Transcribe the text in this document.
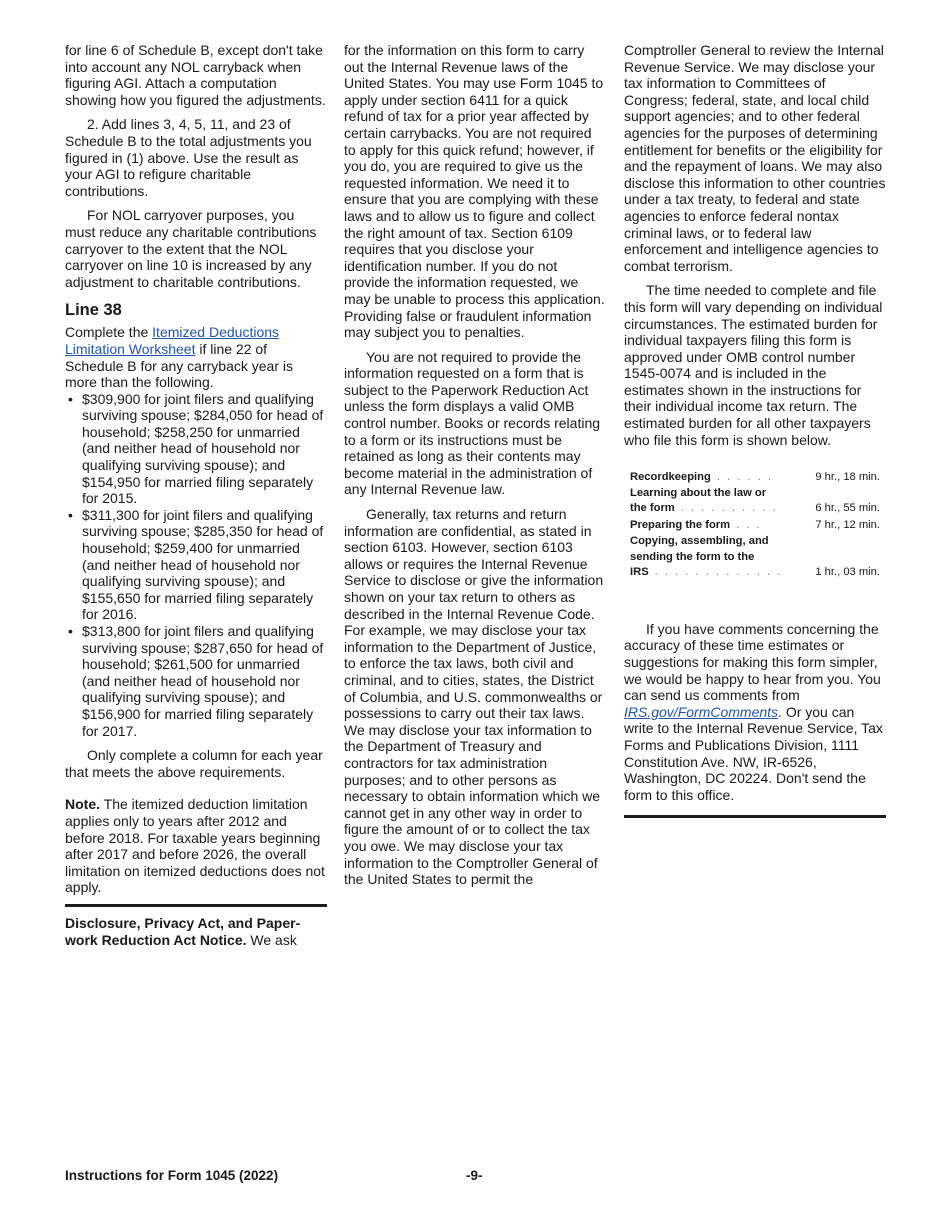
for line 6 of Schedule B, except don't take into account any NOL carryback when figuring AGI. Attach a computation showing how you figured the adjustments.

2. Add lines 3, 4, 5, 11, and 23 of Schedule B to the total adjustments you figured in (1) above. Use the result as your AGI to refigure charitable contributions.

For NOL carryover purposes, you must reduce any charitable contributions carryover to the extent that the NOL carryover on line 10 is increased by any adjustment to charitable contributions.

Line 38

Complete the Itemized Deductions Limitation Worksheet if line 22 of Schedule B for any carryback year is more than the following.

• $309,900 for joint filers and qualifying surviving spouse; $284,050 for head of household; $258,250 for unmarried (and neither head of household nor qualifying surviving spouse); and $154,950 for married filing separately for 2015.
• $311,300 for joint filers and qualifying surviving spouse; $285,350 for head of household; $259,400 for unmarried (and neither head of household nor qualifying surviving spouse); and $155,650 for married filing separately for 2016.
• $313,800 for joint filers and qualifying surviving spouse; $287,650 for head of household; $261,500 for unmarried (and neither head of household nor qualifying surviving spouse); and $156,900 for married filing separately for 2017.

Only complete a column for each year that meets the above requirements.

Note. The itemized deduction limitation applies only to years after 2012 and before 2018. For taxable years beginning after 2017 and before 2026, the overall limitation on itemized deductions does not apply.

Disclosure, Privacy Act, and Paper-work Reduction Act Notice. We ask

for the information on this form to carry out the Internal Revenue laws of the United States. You may use Form 1045 to apply under section 6411 for a quick refund of tax for a prior year affected by certain carrybacks. You are not required to apply for this quick refund; however, if you do, you are required to give us the requested information. We need it to ensure that you are complying with these laws and to allow us to figure and collect the right amount of tax. Section 6109 requires that you disclose your identification number. If you do not provide the information requested, we may be unable to process this application. Providing false or fraudulent information may subject you to penalties.

You are not required to provide the information requested on a form that is subject to the Paperwork Reduction Act unless the form displays a valid OMB control number. Books or records relating to a form or its instructions must be retained as long as their contents may become material in the administration of any Internal Revenue law.

Generally, tax returns and return information are confidential, as stated in section 6103. However, section 6103 allows or requires the Internal Revenue Service to disclose or give the information shown on your tax return to others as described in the Internal Revenue Code. For example, we may disclose your tax information to the Department of Justice, to enforce the tax laws, both civil and criminal, and to cities, states, the District of Columbia, and U.S. commonwealths or possessions to carry out their tax laws. We may disclose your tax information to the Department of Treasury and contractors for tax administration purposes; and to other persons as necessary to obtain information which we cannot get in any other way in order to figure the amount of or to collect the tax you owe. We may disclose your tax information to the Comptroller General of the United States to permit the

Comptroller General to review the Internal Revenue Service. We may disclose your tax information to Committees of Congress; federal, state, and local child support agencies; and to other federal agencies for the purposes of determining entitlement for benefits or the eligibility for and the repayment of loans. We may also disclose this information to other countries under a tax treaty, to federal and state agencies to enforce federal nontax criminal laws, or to federal law enforcement and intelligence agencies to combat terrorism.

The time needed to complete and file this form will vary depending on individual circumstances. The estimated burden for individual taxpayers filing this form is approved under OMB control number 1545-0074 and is included in the estimates shown in the instructions for their individual income tax return. The estimated burden for all other taxpayers who file this form is shown below.

Recordkeeping . . . . . .	9 hr., 18 min.
Learning about the law or
the form . . . . . . . . . .	6 hr., 55 min.
Preparing the form . . .	7 hr., 12 min.
Copying, assembling, and
sending the form to the
IRS . . . . . . . . . . . . .	1 hr., 03 min.

If you have comments concerning the accuracy of these time estimates or suggestions for making this form simpler, we would be happy to hear from you. You can send us comments from IRS.gov/FormComments. Or you can write to the Internal Revenue Service, Tax Forms and Publications Division, 1111 Constitution Ave. NW, IR-6526, Washington, DC 20224. Don't send the form to this office.

Instructions for Form 1045 (2022)	-9-
